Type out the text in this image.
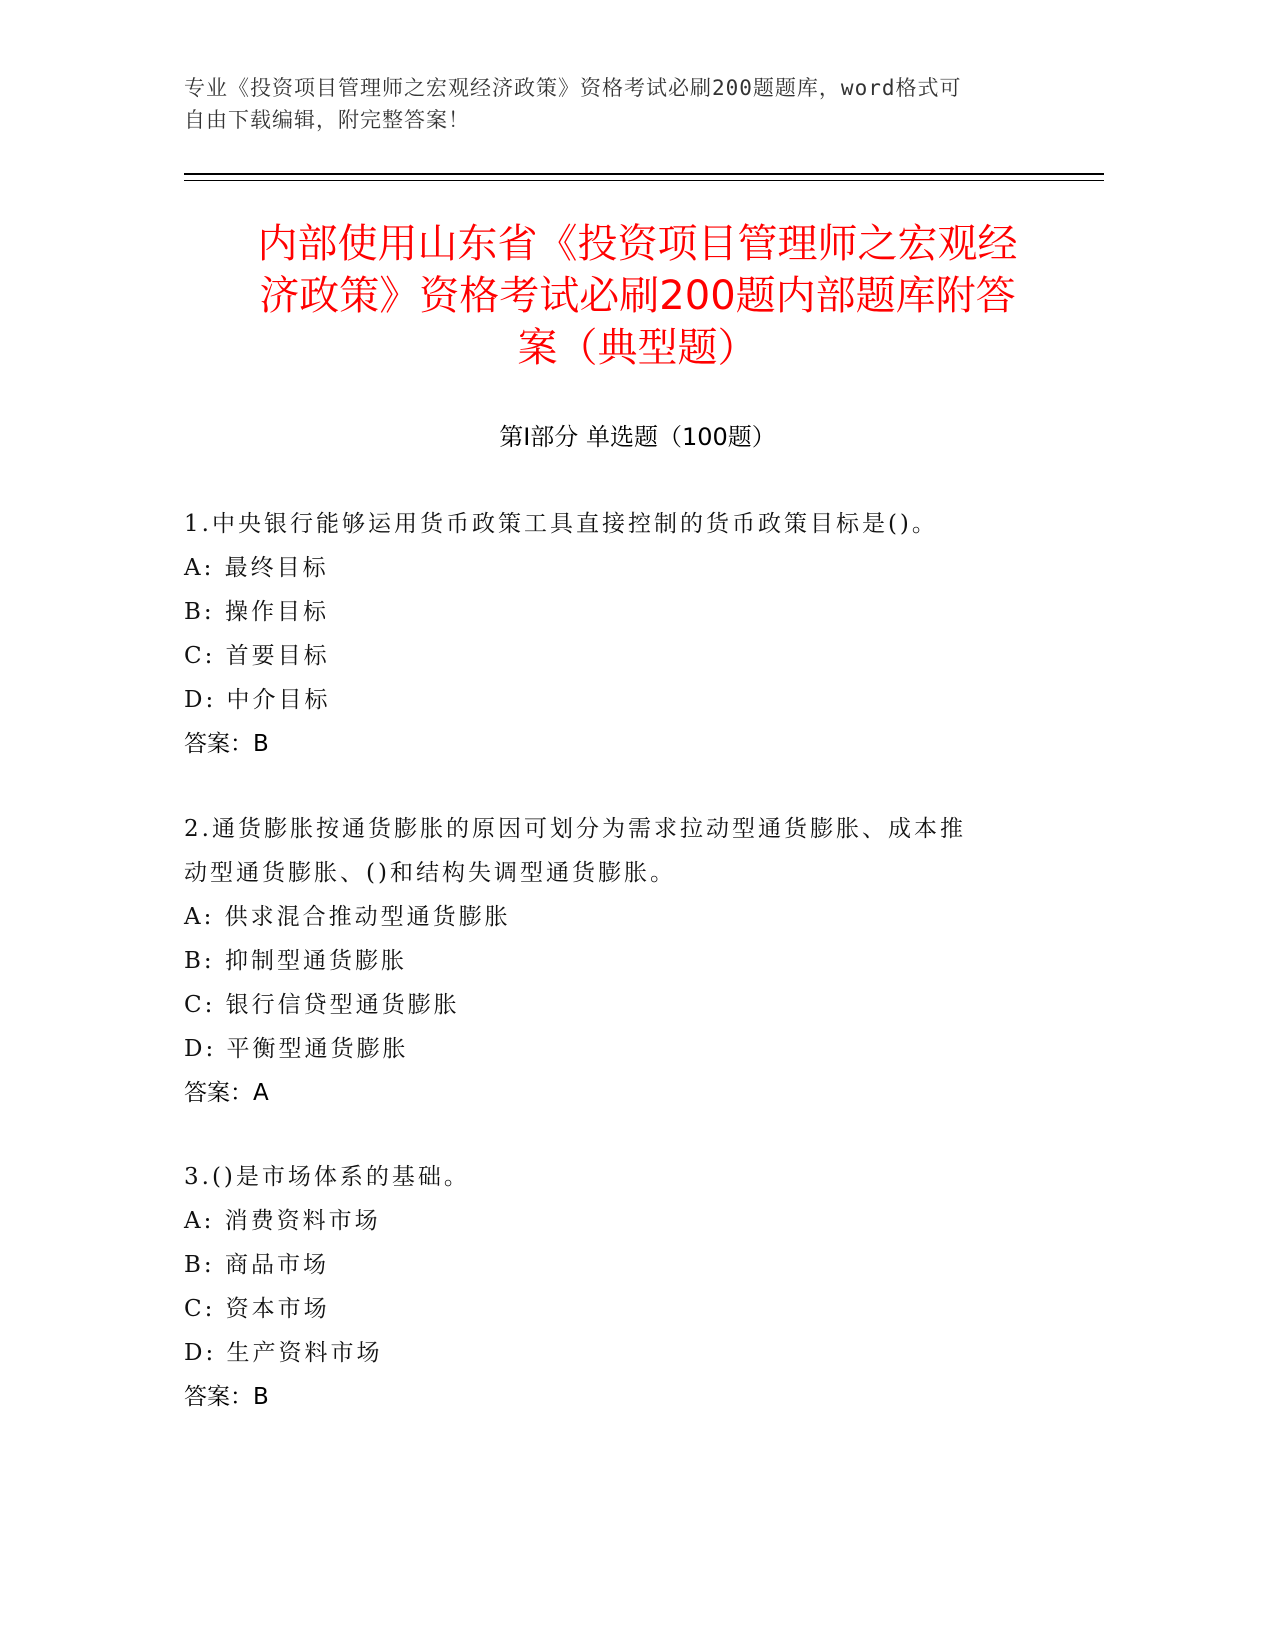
专业《投资项目管理师之宏观经济政策》资格考试必刷200题题库，word格式可
自由下载编辑，附完整答案！
内部使用山东省《投资项目管理师之宏观经
济政策》资格考试必刷200题内部题库附答
案（典型题）
第Ⅰ部分 单选题（100题）
1.中央银行能够运用货币政策工具直接控制的货币政策目标是()。
A: 最终目标
B: 操作目标
C: 首要目标
D: 中介目标
答案：B
2.通货膨胀按通货膨胀的原因可划分为需求拉动型通货膨胀、成本推
动型通货膨胀、()和结构失调型通货膨胀。
A: 供求混合推动型通货膨胀
B: 抑制型通货膨胀
C: 银行信贷型通货膨胀
D: 平衡型通货膨胀
答案：A
3.()是市场体系的基础。
A: 消费资料市场
B: 商品市场
C: 资本市场
D: 生产资料市场
答案：B
